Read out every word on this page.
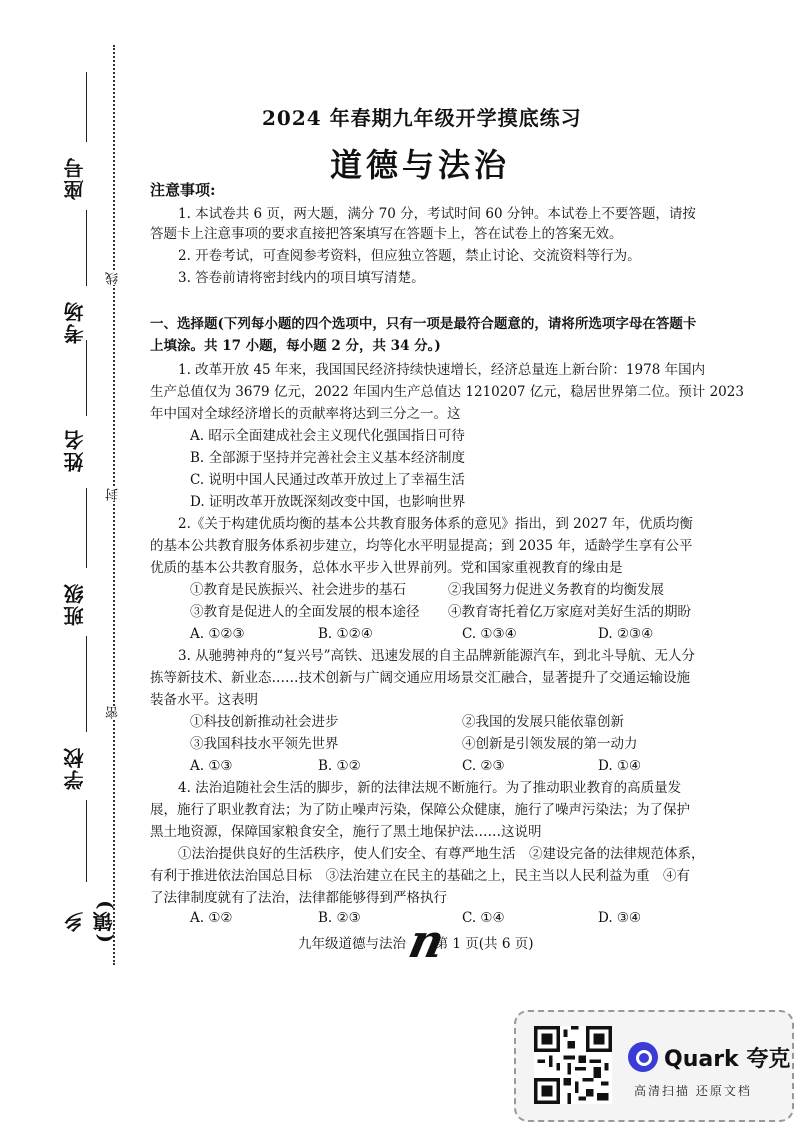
座号
考场
姓名
班级
学校
乡(镇)
线
封
密
2024 年春期九年级开学摸底练习
道德与法治
注意事项:
1. 本试卷共 6 页，两大题，满分 70 分，考试时间 60 分钟。本试卷上不要答题，请按
答题卡上注意事项的要求直接把答案填写在答题卡上，答在试卷上的答案无效。
2. 开卷考试，可查阅参考资料，但应独立答题，禁止讨论、交流资料等行为。
3. 答卷前请将密封线内的项目填写清楚。
一、选择题(下列每小题的四个选项中，只有一项是最符合题意的，请将所选项字母在答题卡
上填涂。共 17 小题，每小题 2 分，共 34 分。)
1. 改革开放 45 年来，我国国民经济持续快速增长，经济总量连上新台阶：1978 年国内
生产总值仅为 3679 亿元，2022 年国内生产总值达 1210207 亿元，稳居世界第二位。预计 2023
年中国对全球经济增长的贡献率将达到三分之一。这
A. 昭示全面建成社会主义现代化强国指日可待
B. 全部源于坚持并完善社会主义基本经济制度
C. 说明中国人民通过改革开放过上了幸福生活
D. 证明改革开放既深刻改变中国，也影响世界
2.《关于构建优质均衡的基本公共教育服务体系的意见》指出，到 2027 年，优质均衡
的基本公共教育服务体系初步建立，均等化水平明显提高；到 2035 年，适龄学生享有公平
优质的基本公共教育服务，总体水平步入世界前列。党和国家重视教育的缘由是
①教育是民族振兴、社会进步的基石	②我国努力促进义务教育的均衡发展
③教育是促进人的全面发展的根本途径 ④教育寄托着亿万家庭对美好生活的期盼
A. ①②③	B. ①②④	C. ①③④	D. ②③④
3. 从驰骋神舟的“复兴号”高铁、迅速发展的自主品牌新能源汽车，到北斗导航、无人分
拣等新技术、新业态……技术创新与广阔交通应用场景交汇融合，显著提升了交通运输设施
装备水平。这表明
①科技创新推动社会进步	②我国的发展只能依靠创新
③我国科技水平领先世界	④创新是引领发展的第一动力
A. ①③	B. ①②	C. ②③	D. ①④
4. 法治追随社会生活的脚步，新的法律法规不断施行。为了推动职业教育的高质量发
展，施行了职业教育法；为了防止噪声污染，保障公众健康，施行了噪声污染法；为了保护
黑土地资源，保障国家粮食安全，施行了黑土地保护法……这说明
①法治提供良好的生活秩序，使人们安全、有尊严地生活　②建设完备的法律规范体系，
有利于推进依法治国总目标　③法治建立在民主的基础之上，民主当以人民利益为重　④有
了法律制度就有了法治，法律都能够得到严格执行
A. ①②	B. ②③	C. ①④	D. ③④
九年级道德与法治 第 1 页(共 6 页)
n
Quark 夸克
高清扫描 还原文档
